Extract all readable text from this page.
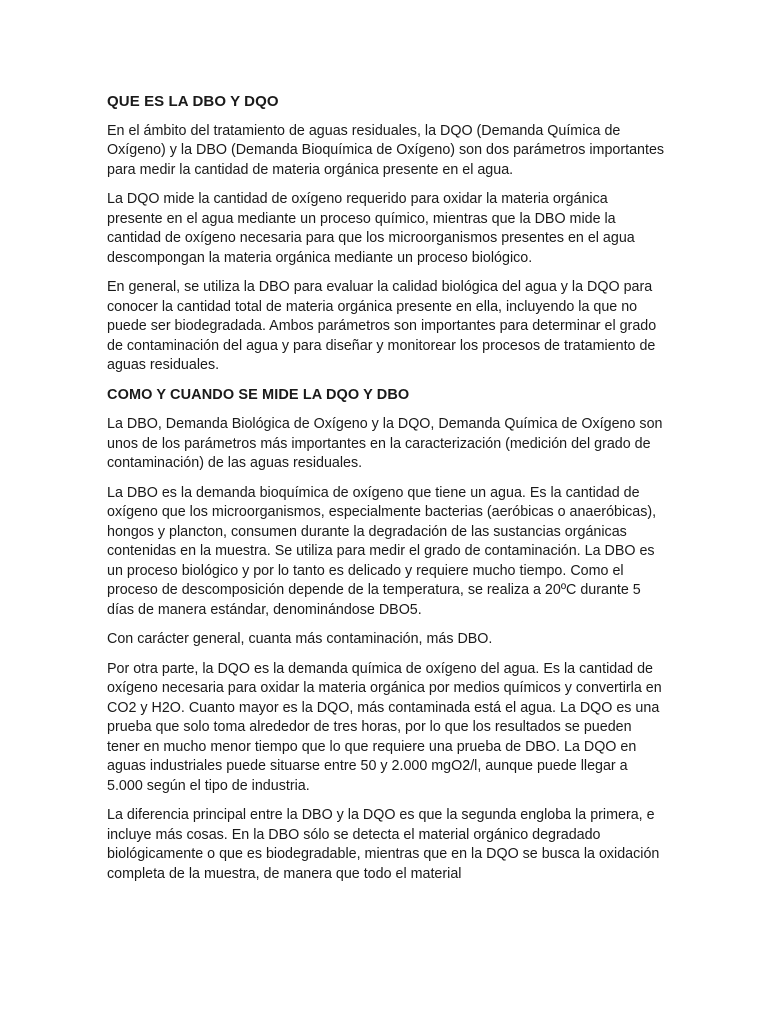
QUE ES LA DBO Y DQO

En el ámbito del tratamiento de aguas residuales, la DQO (Demanda Química de Oxígeno) y la DBO (Demanda Bioquímica de Oxígeno) son dos parámetros importantes para medir la cantidad de materia orgánica presente en el agua.

La DQO mide la cantidad de oxígeno requerido para oxidar la materia orgánica presente en el agua mediante un proceso químico, mientras que la DBO mide la cantidad de oxígeno necesaria para que los microorganismos presentes en el agua descompongan la materia orgánica mediante un proceso biológico.

En general, se utiliza la DBO para evaluar la calidad biológica del agua y la DQO para conocer la cantidad total de materia orgánica presente en ella, incluyendo la que no puede ser biodegradada. Ambos parámetros son importantes para determinar el grado de contaminación del agua y para diseñar y monitorear los procesos de tratamiento de aguas residuales.

COMO Y CUANDO SE MIDE LA DQO Y DBO

La DBO, Demanda Biológica de Oxígeno y la DQO, Demanda Química de Oxígeno son unos de los parámetros más importantes en la caracterización (medición del grado de contaminación) de las aguas residuales.

La DBO es la demanda bioquímica de oxígeno que tiene un agua. Es la cantidad de oxígeno que los microorganismos, especialmente bacterias (aeróbicas o anaeróbicas), hongos y plancton, consumen durante la degradación de las sustancias orgánicas contenidas en la muestra. Se utiliza para medir el grado de contaminación. La DBO es un proceso biológico y por lo tanto es delicado y requiere mucho tiempo. Como el proceso de descomposición depende de la temperatura, se realiza a 20ºC durante 5 días de manera estándar, denominándose DBO5.

Con carácter general, cuanta más contaminación, más DBO.

Por otra parte, la DQO es la demanda química de oxígeno del agua. Es la cantidad de oxígeno necesaria para oxidar la materia orgánica por medios químicos y convertirla en CO2 y H2O. Cuanto mayor es la DQO, más contaminada está el agua. La DQO es una prueba que solo toma alrededor de tres horas, por lo que los resultados se pueden tener en mucho menor tiempo que lo que requiere una prueba de DBO. La DQO en aguas industriales puede situarse entre 50 y 2.000 mgO2/l, aunque puede llegar a 5.000 según el tipo de industria.

La diferencia principal entre la DBO y la DQO es que la segunda engloba la primera, e incluye más cosas. En la DBO sólo se detecta el material orgánico degradado biológicamente o que es biodegradable, mientras que en la DQO se busca la oxidación completa de la muestra, de manera que todo el material
